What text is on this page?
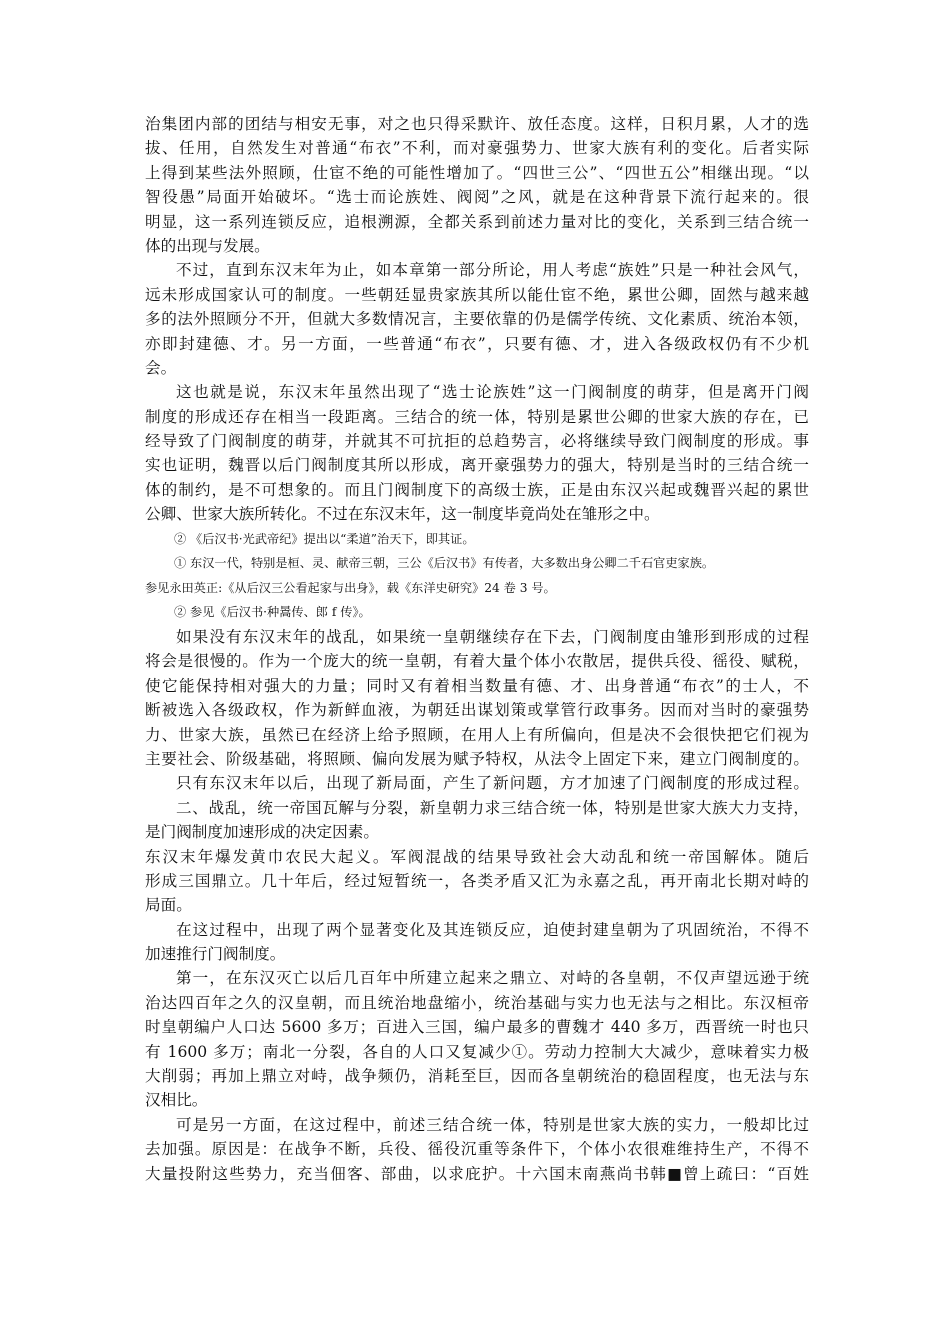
治集团内部的团结与相安无事，对之也只得采默许、放任态度。这样，日积月累，人才的选
拔、任用，自然发生对普通“布衣”不利，而对豪强势力、世家大族有利的变化。后者实际
上得到某些法外照顾，仕宦不绝的可能性增加了。“四世三公”、“四世五公”相继出现。“以
智役愚”局面开始破坏。“选士而论族姓、阀阅”之风，就是在这种背景下流行起来的。很
明显，这一系列连锁反应，追根溯源，全都关系到前述力量对比的变化，关系到三结合统一
体的出现与发展。
不过，直到东汉末年为止，如本章第一部分所论，用人考虑“族姓”只是一种社会风气，
远未形成国家认可的制度。一些朝廷显贵家族其所以能仕宦不绝，累世公卿，固然与越来越
多的法外照顾分不开，但就大多数情况言，主要依靠的仍是儒学传统、文化素质、统治本领，
亦即封建德、才。另一方面，一些普通“布衣”，只要有德、才，进入各级政权仍有不少机
会。
这也就是说，东汉末年虽然出现了“选士论族姓”这一门阀制度的萌芽，但是离开门阀
制度的形成还存在相当一段距离。三结合的统一体，特别是累世公卿的世家大族的存在，已
经导致了门阀制度的萌芽，并就其不可抗拒的总趋势言，必将继续导致门阀制度的形成。事
实也证明，魏晋以后门阀制度其所以形成，离开豪强势力的强大，特别是当时的三结合统一
体的制约，是不可想象的。而且门阀制度下的高级士族，正是由东汉兴起或魏晋兴起的累世
公卿、世家大族所转化。不过在东汉末年，这一制度毕竟尚处在雏形之中。
② 《后汉书·光武帝纪》提出以“柔道”治天下，即其证。
① 东汉一代，特别是桓、灵、献帝三朝，三公《后汉书》有传者，大多数出身公卿二千石官吏家族。
参见永田英正:《从后汉三公看起家与出身》，载《东洋史研究》24 卷 3 号。
② 参见《后汉书·种暠传、郎 f 传》。
如果没有东汉末年的战乱，如果统一皇朝继续存在下去，门阀制度由雏形到形成的过程
将会是很慢的。作为一个庞大的统一皇朝，有着大量个体小农散居，提供兵役、徭役、赋税，
使它能保持相对强大的力量；同时又有着相当数量有德、才、出身普通“布衣”的士人，不
断被选入各级政权，作为新鲜血液，为朝廷出谋划策或掌管行政事务。因而对当时的豪强势
力、世家大族，虽然已在经济上给予照顾，在用人上有所偏向，但是决不会很快把它们视为
主要社会、阶级基础，将照顾、偏向发展为赋予特权，从法令上固定下来，建立门阀制度的。
只有东汉末年以后，出现了新局面，产生了新问题，方才加速了门阀制度的形成过程。
二、战乱，统一帝国瓦解与分裂，新皇朝力求三结合统一体，特别是世家大族大力支持，
是门阀制度加速形成的决定因素。
东汉末年爆发黄巾农民大起义。军阀混战的结果导致社会大动乱和统一帝国解体。随后
形成三国鼎立。几十年后，经过短暂统一，各类矛盾又汇为永嘉之乱，再开南北长期对峙的
局面。
在这过程中，出现了两个显著变化及其连锁反应，迫使封建皇朝为了巩固统治，不得不
加速推行门阀制度。
第一，在东汉灭亡以后几百年中所建立起来之鼎立、对峙的各皇朝，不仅声望远逊于统
治达四百年之久的汉皇朝，而且统治地盘缩小，统治基础与实力也无法与之相比。东汉桓帝
时皇朝编户人口达 5600 多万；百进入三国，编户最多的曹魏才 440 多万，西晋统一时也只
有 1600 多万；南北一分裂，各自的人口又复减少①。劳动力控制大大减少，意味着实力极
大削弱；再加上鼎立对峙，战争频仍，消耗至巨，因而各皇朝统治的稳固程度，也无法与东
汉相比。
可是另一方面，在这过程中，前述三结合统一体，特别是世家大族的实力，一般却比过
去加强。原因是：在战争不断，兵役、徭役沉重等条件下，个体小农很难维持生产，不得不
大量投附这些势力，充当佃客、部曲，以求庇护。十六国末南燕尚书韩■曾上疏曰：“百姓
